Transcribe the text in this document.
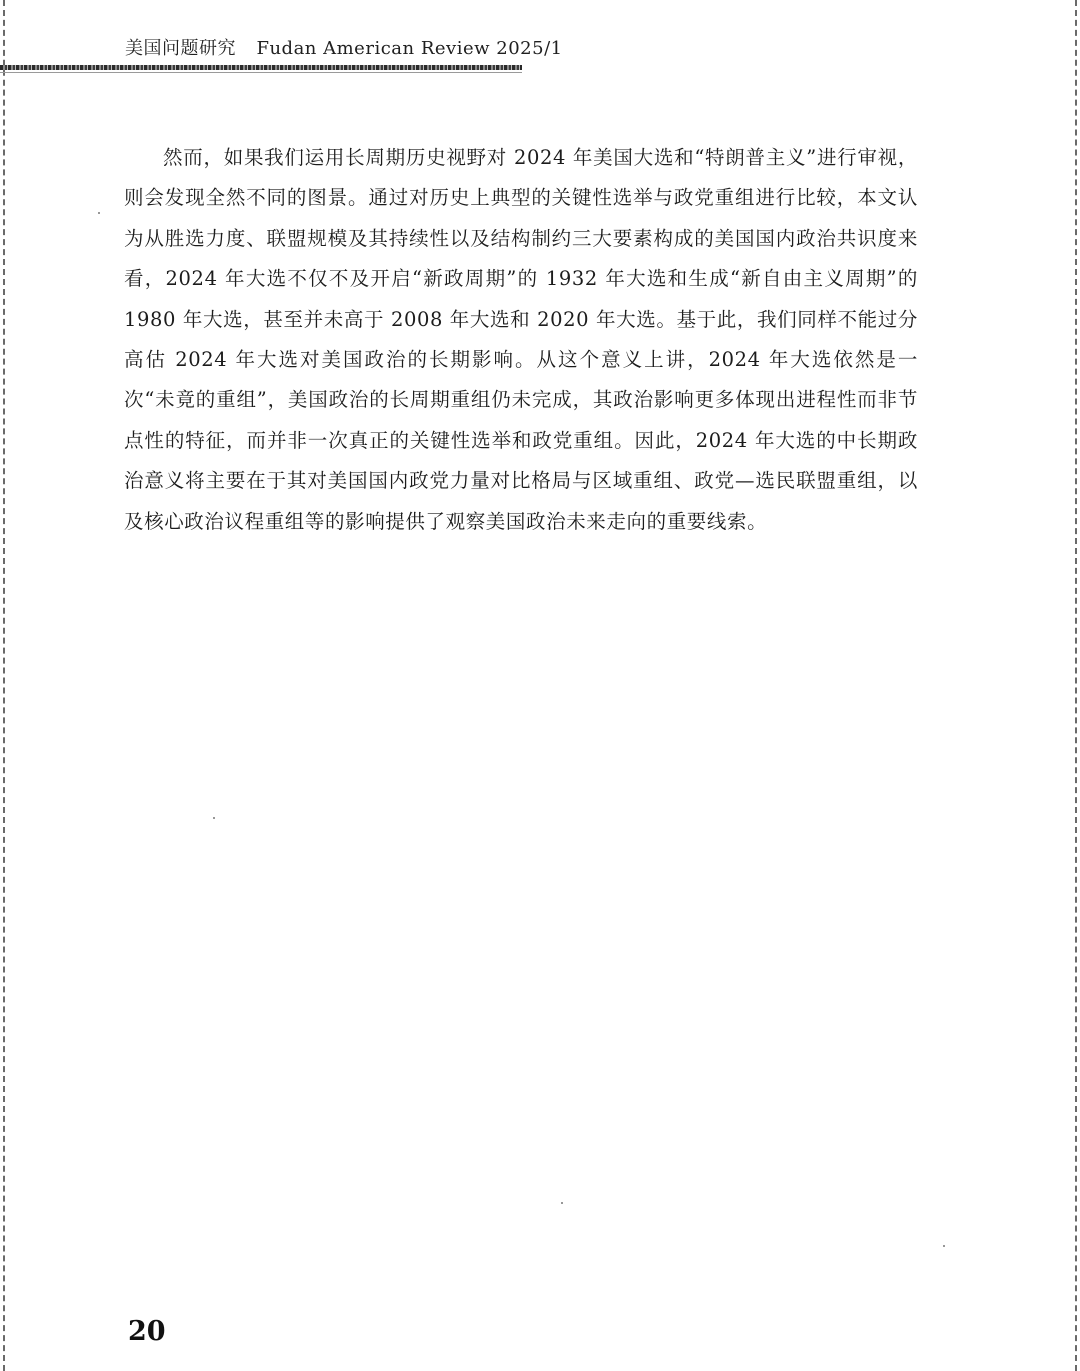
美国问题研究 Fudan American Review 2025/1

然而，如果我们运用长周期历史视野对 2024 年美国大选和“特朗普主义”进行审视，则会发现全然不同的图景。通过对历史上典型的关键性选举与政党重组进行比较，本文认为从胜选力度、联盟规模及其持续性以及结构制约三大要素构成的美国国内政治共识度来看，2024 年大选不仅不及开启“新政周期”的 1932 年大选和生成“新自由主义周期”的 1980 年大选，甚至并未高于 2008 年大选和 2020 年大选。基于此，我们同样不能过分高估 2024 年大选对美国政治的长期影响。从这个意义上讲，2024 年大选依然是一次“未竟的重组”，美国政治的长周期重组仍未完成，其政治影响更多体现出进程性而非节点性的特征，而并非一次真正的关键性选举和政党重组。因此，2024 年大选的中长期政治意义将主要在于其对美国国内政党力量对比格局与区域重组、政党—选民联盟重组，以及核心政治议程重组等的影响提供了观察美国政治未来走向的重要线索。

20
